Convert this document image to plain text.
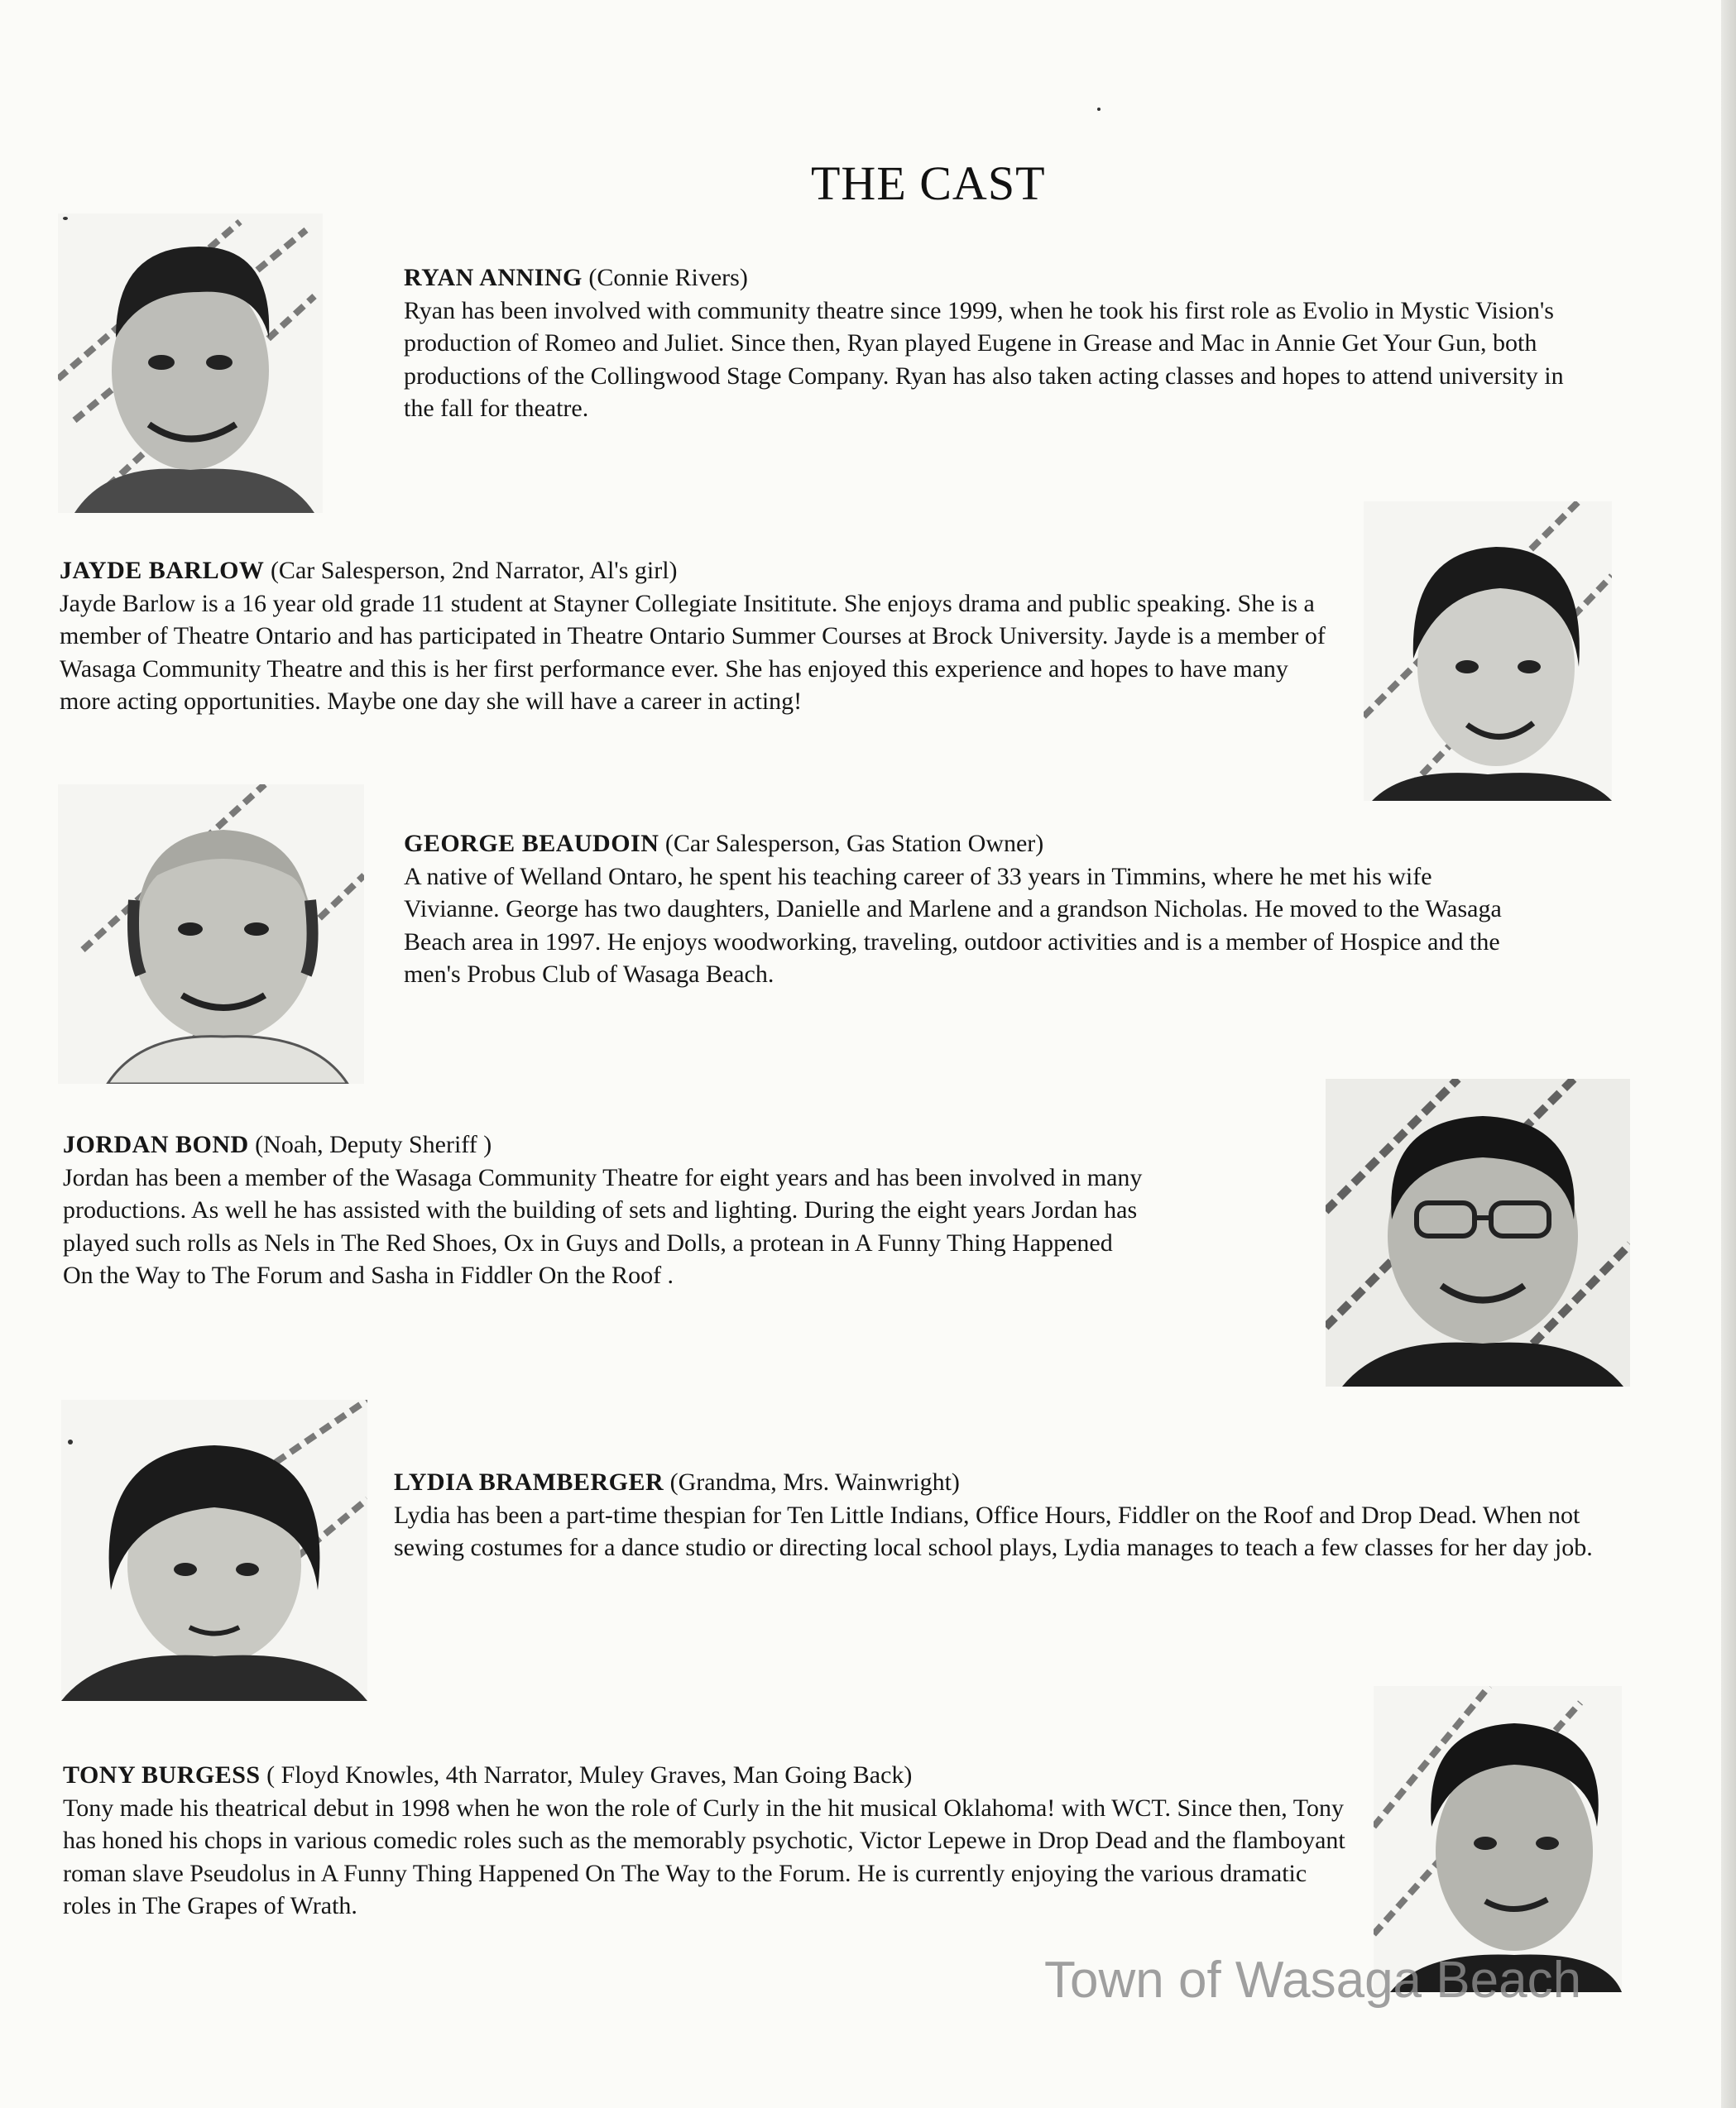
THE CAST

RYAN ANNING (Connie Rivers)

Ryan has been involved with community theatre since 1999, when he took his first role as Evolio in Mystic Vision's production of Romeo and Juliet. Since then, Ryan played Eugene in Grease and Mac in Annie Get Your Gun, both productions of the Collingwood Stage Company. Ryan has also taken acting classes and hopes to attend university in the fall for theatre.

JAYDE BARLOW (Car Salesperson, 2nd Narrator, Al's girl)

Jayde Barlow is a 16 year old grade 11 student at Stayner Collegiate Insititute. She enjoys drama and public speaking. She is a member of Theatre Ontario and has participated in Theatre Ontario Summer Courses at Brock University. Jayde is a member of Wasaga Community Theatre and this is her first performance ever. She has enjoyed this experience and hopes to have many more acting opportunities. Maybe one day she will have a career in acting!

GEORGE BEAUDOIN (Car Salesperson, Gas Station Owner)

A native of Welland Ontaro, he spent his teaching career of 33 years in Timmins, where he met his wife Vivianne. George has two daughters, Danielle and Marlene and a grandson Nicholas. He moved to the Wasaga Beach area in 1997. He enjoys woodworking, traveling, outdoor activities and is a member of Hospice and the men's Probus Club of Wasaga Beach.

JORDAN BOND (Noah, Deputy Sheriff )

Jordan has been a member of the Wasaga Community Theatre for eight years and has been involved in many productions. As well he has assisted with the building of sets and lighting. During the eight years Jordan has played such rolls as Nels in The Red Shoes, Ox in Guys and Dolls, a protean in A Funny Thing Happened On the Way to The Forum and Sasha in Fiddler On the Roof .

LYDIA BRAMBERGER (Grandma, Mrs. Wainwright)

Lydia has been a part-time thespian for Ten Little Indians, Office Hours, Fiddler on the Roof and Drop Dead. When not sewing costumes for a dance studio or directing local school plays, Lydia manages to teach a few classes for her day job.

TONY BURGESS ( Floyd Knowles, 4th Narrator, Muley Graves, Man Going Back)

Tony made his theatrical debut in 1998 when he won the role of Curly in the hit musical Oklahoma! with WCT. Since then, Tony has honed his chops in various comedic roles such as the memorably psychotic, Victor Lepewe in Drop Dead and the flamboyant roman slave Pseudolus in A Funny Thing Happened On The Way to the Forum. He is currently enjoying the various dramatic roles in The Grapes of Wrath.

Town of Wasaga Beach
